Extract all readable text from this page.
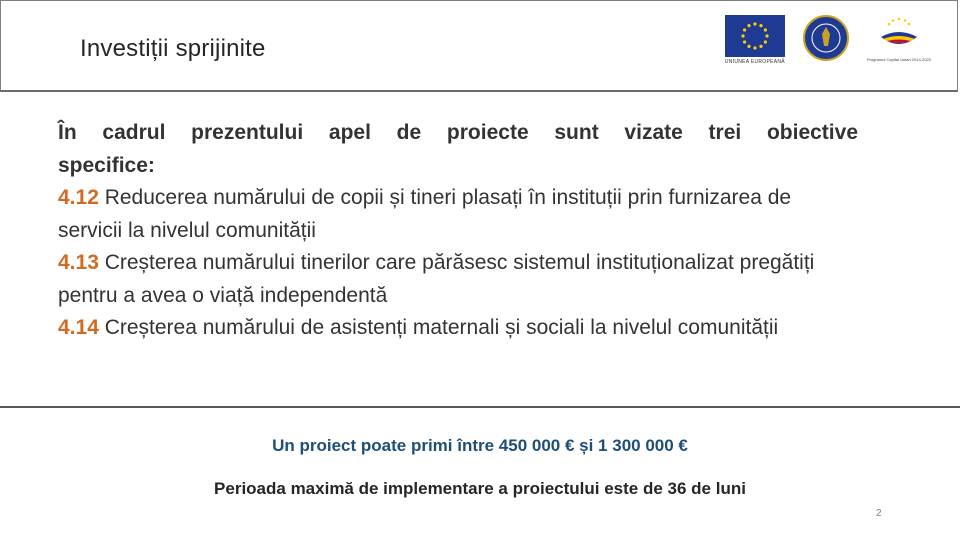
Investiții sprijinite	UNIUNEA EUROPEANĂ	Programul Capital Uman 2014-2020
În cadrul prezentului apel de proiecte sunt vizate trei obiective
specifice:
4.12 Reducerea numărului de copii și tineri plasați în instituții prin furnizarea de servicii la nivelul comunității
4.13 Creșterea numărului tinerilor care părăsesc sistemul instituționalizat pregătiți pentru a avea o viață independentă
4.14 Creșterea numărului de asistenți maternali și sociali la nivelul comunității
Un proiect poate primi între 450 000 € și 1 300 000 €
Perioada maximă de implementare a proiectului este de 36 de luni
2
